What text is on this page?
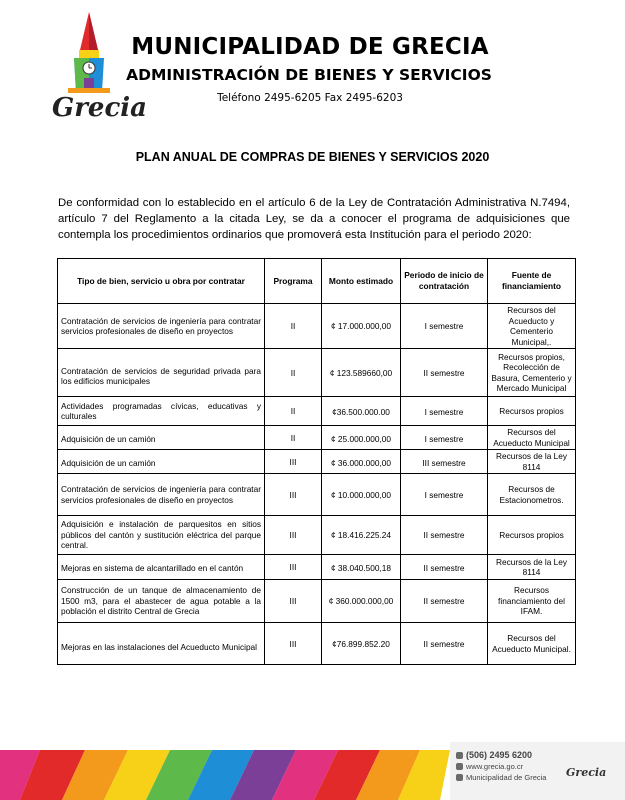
Grecia
MUNICIPALIDAD DE GRECIA
ADMINISTRACIÓN DE BIENES Y SERVICIOS
Teléfono 2495-6205 Fax 2495-6203
PLAN ANUAL DE COMPRAS DE BIENES Y SERVICIOS 2020
De conformidad con lo establecido en el artículo 6 de la Ley de Contratación Administrativa N.7494, artículo 7 del Reglamento a la citada Ley, se da a conocer el programa de adquisiciones que contempla los procedimientos ordinarios que promoverá esta Institución para el periodo 2020:
Tipo de bien, servicio u obra por contratar	Programa	Monto estimado	Periodo de inicio de contratación	Fuente de financiamiento
Contratación de servicios de ingeniería para contratar servicios profesionales de diseño en proyectos	II	¢ 17.000.000,00	I semestre	Recursos del Acueducto y Cementerio Municipal,.
Contratación de servicios de seguridad privada para los edificios municipales	II	¢ 123.589660,00	II semestre	Recursos propios, Recolección de Basura, Cementerio y Mercado Municipal
Actividades programadas cívicas, educativas y culturales	II	¢36.500.000.00	I semestre	Recursos propios
Adquisición de un camión	II	¢ 25.000.000,00	I semestre	Recursos del Acueducto Municipal
Adquisición de un camión	III	¢ 36.000.000,00	III semestre	Recursos de la Ley 8114
Contratación de servicios de ingeniería para contratar servicios profesionales de diseño en proyectos	III	¢ 10.000.000,00	I semestre	Recursos de Estacionometros.
Adquisición e instalación de parquesitos en sitios públicos del cantón y sustitución eléctrica del parque central.	III	¢ 18.416.225.24	II semestre	Recursos propios
Mejoras en sistema de alcantarillado en el cantón	III	¢ 38.040.500,18	II semestre	Recursos de la Ley 8114
Construcción de un tanque de almacenamiento de 1500 m3, para el abastecer de agua potable a la población el distrito Central de Grecia	III	¢ 360.000.000,00	II semestre	Recursos financiamiento del IFAM.
Mejoras en las instalaciones del Acueducto Municipal	III	¢76.899.852.20	II semestre	Recursos del Acueducto Municipal.
(506) 2495 6200
www.grecia.go.cr
Municipalidad de Grecia Grecia
